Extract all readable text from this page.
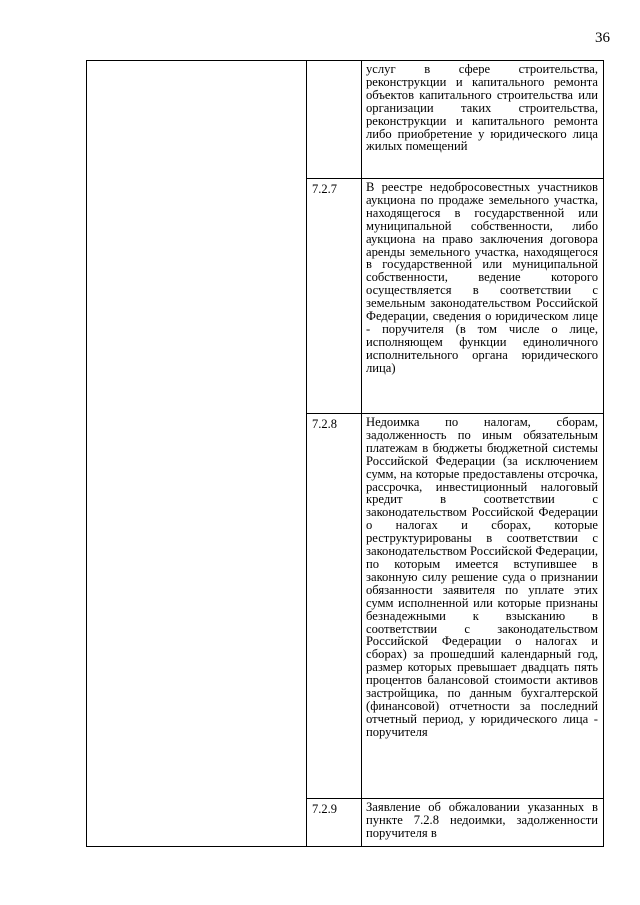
36

		услуг в сфере строительства, реконструкции и капитального ремонта объектов капитального строительства или организации таких строительства, реконструкции и капитального ремонта либо приобретение у юридического лица жилых помещений

	7.2.7	В реестре недобросовестных участников аукциона по продаже земельного участка, находящегося в государственной или муниципальной собственности, либо аукциона на право заключения договора аренды земельного участка, находящегося в государственной или муниципальной собственности, ведение которого осуществляется в соответствии с земельным законодательством Российской Федерации, сведения о юридическом лице - поручителя (в том числе о лице, исполняющем функции единоличного исполнительного органа юридического лица)

	7.2.8	Недоимка по налогам, сборам, задолженность по иным обязательным платежам в бюджеты бюджетной системы Российской Федерации (за исключением сумм, на которые предоставлены отсрочка, рассрочка, инвестиционный налоговый кредит в соответствии с законодательством Российской Федерации о налогах и сборах, которые реструктурированы в соответствии с законодательством Российской Федерации, по которым имеется вступившее в законную силу решение суда о признании обязанности заявителя по уплате этих сумм исполненной или которые признаны безнадежными к взысканию в соответствии с законодательством Российской Федерации о налогах и сборах) за прошедший календарный год, размер которых превышает двадцать пять процентов балансовой стоимости активов застройщика, по данным бухгалтерской (финансовой) отчетности за последний отчетный период, у юридического лица - поручителя

	7.2.9	Заявление об обжаловании указанных в пункте 7.2.8 недоимки, задолженности поручителя в
